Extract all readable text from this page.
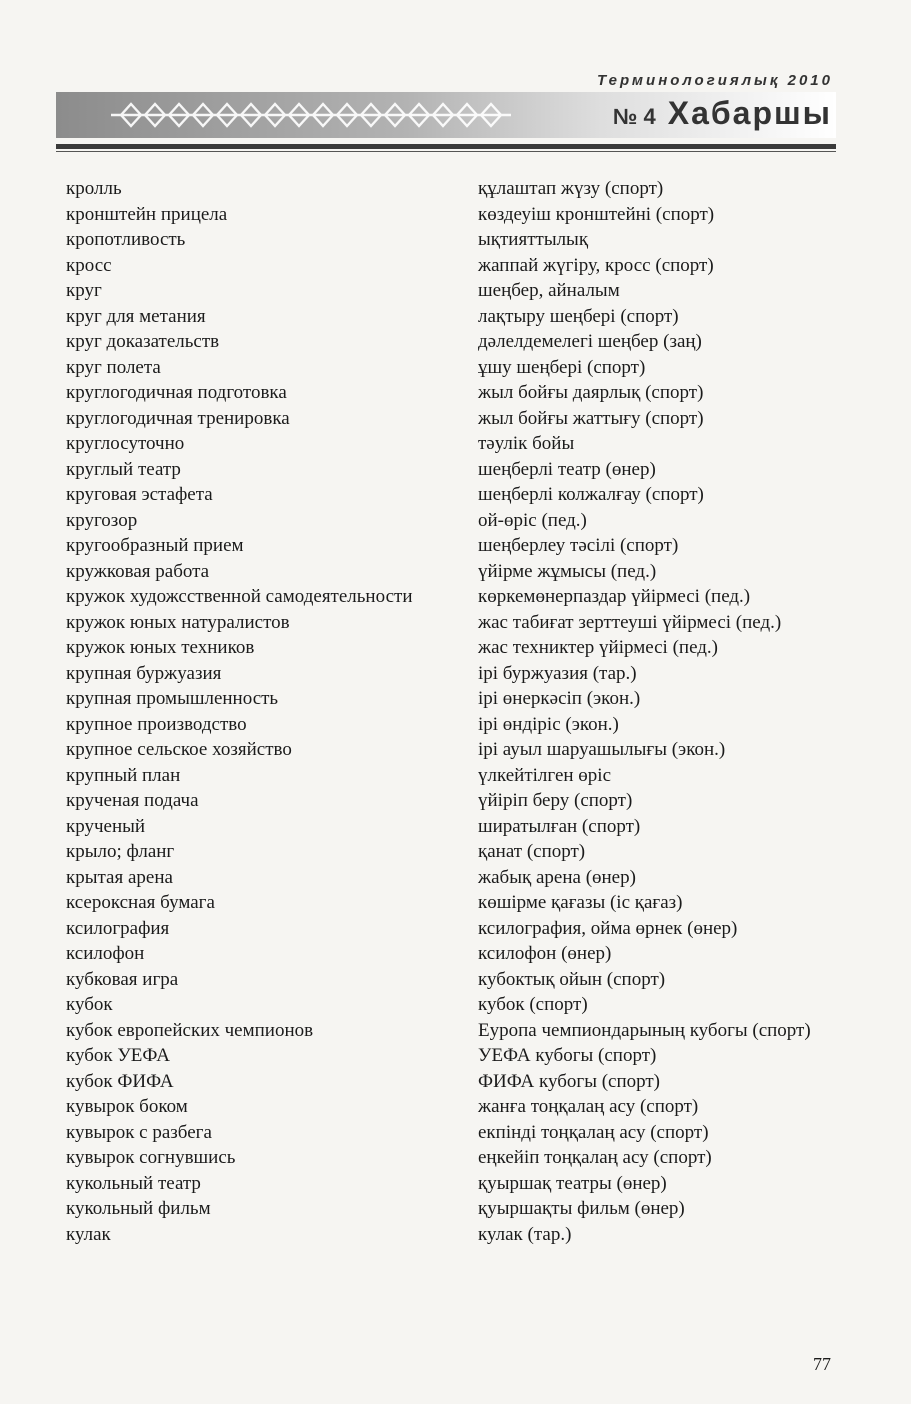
Терминологиялық 2010
№ 4 Хабаршы
кролль	құлаштап жүзу (спорт)
кронштейн прицела	көздеуіш кронштейні (спорт)
кропотливость	ықтияттылық
кросс	жаппай жүгіру, кросс (спорт)
круг	шеңбер, айналым
круг для метания	лақтыру шеңбері (спорт)
круг доказательств	дәлелдемелегі шеңбер (заң)
круг полета	ұшу шеңбері (спорт)
круглогодичная подготовка	жыл бойғы даярлық (спорт)
круглогодичная тренировка	жыл бойғы жаттығу (спорт)
круглосуточно	тәулік бойы
круглый театр	шеңберлі театр (өнер)
круговая эстафета	шеңберлі колжалғау (спорт)
кругозор	ой-өріс (пед.)
кругообразный прием	шеңберлеу тәсілі (спорт)
кружковая работа	үйірме жұмысы (пед.)
кружок художсственной самодеятельности	көркемөнерпаздар үйірмесі (пед.)
кружок юных натуралистов	жас табиғат зерттеуші үйірмесі (пед.)
кружок юных техников	жас техниктер үйірмесі (пед.)
крупная буржуазия	ірі буржуазия (тар.)
крупная промышленность	ірі өнеркәсіп (экон.)
крупное производство	ірі өндіріс (экон.)
крупное сельское хозяйство	ірі ауыл шаруашылығы (экон.)
крупный план	үлкейтілген өріс
крученая подача	үйіріп беру (спорт)
крученый	ширатылған (спорт)
крыло; фланг	қанат (спорт)
крытая арена	жабық арена (өнер)
ксероксная бумага	көшірме қағазы (іс қағаз)
ксилография	ксилография, ойма өрнек (өнер)
ксилофон	ксилофон (өнер)
кубковая игра	кубоктық ойын (спорт)
кубок	кубок (спорт)
кубок европейских чемпионов	Еуропа чемпиондарының кубогы (спорт)
кубок УЕФА	УЕФА кубогы (спорт)
кубок ФИФА	ФИФА кубогы (спорт)
кувырок боком	жанға тоңқалаң асу (спорт)
кувырок с разбега	екпінді тоңқалаң асу (спорт)
кувырок согнувшись	еңкейіп тоңқалаң асу (спорт)
кукольный театр	қуыршақ театры (өнер)
кукольный фильм	қуыршақты фильм (өнер)
кулак	кулак (тар.)
77
